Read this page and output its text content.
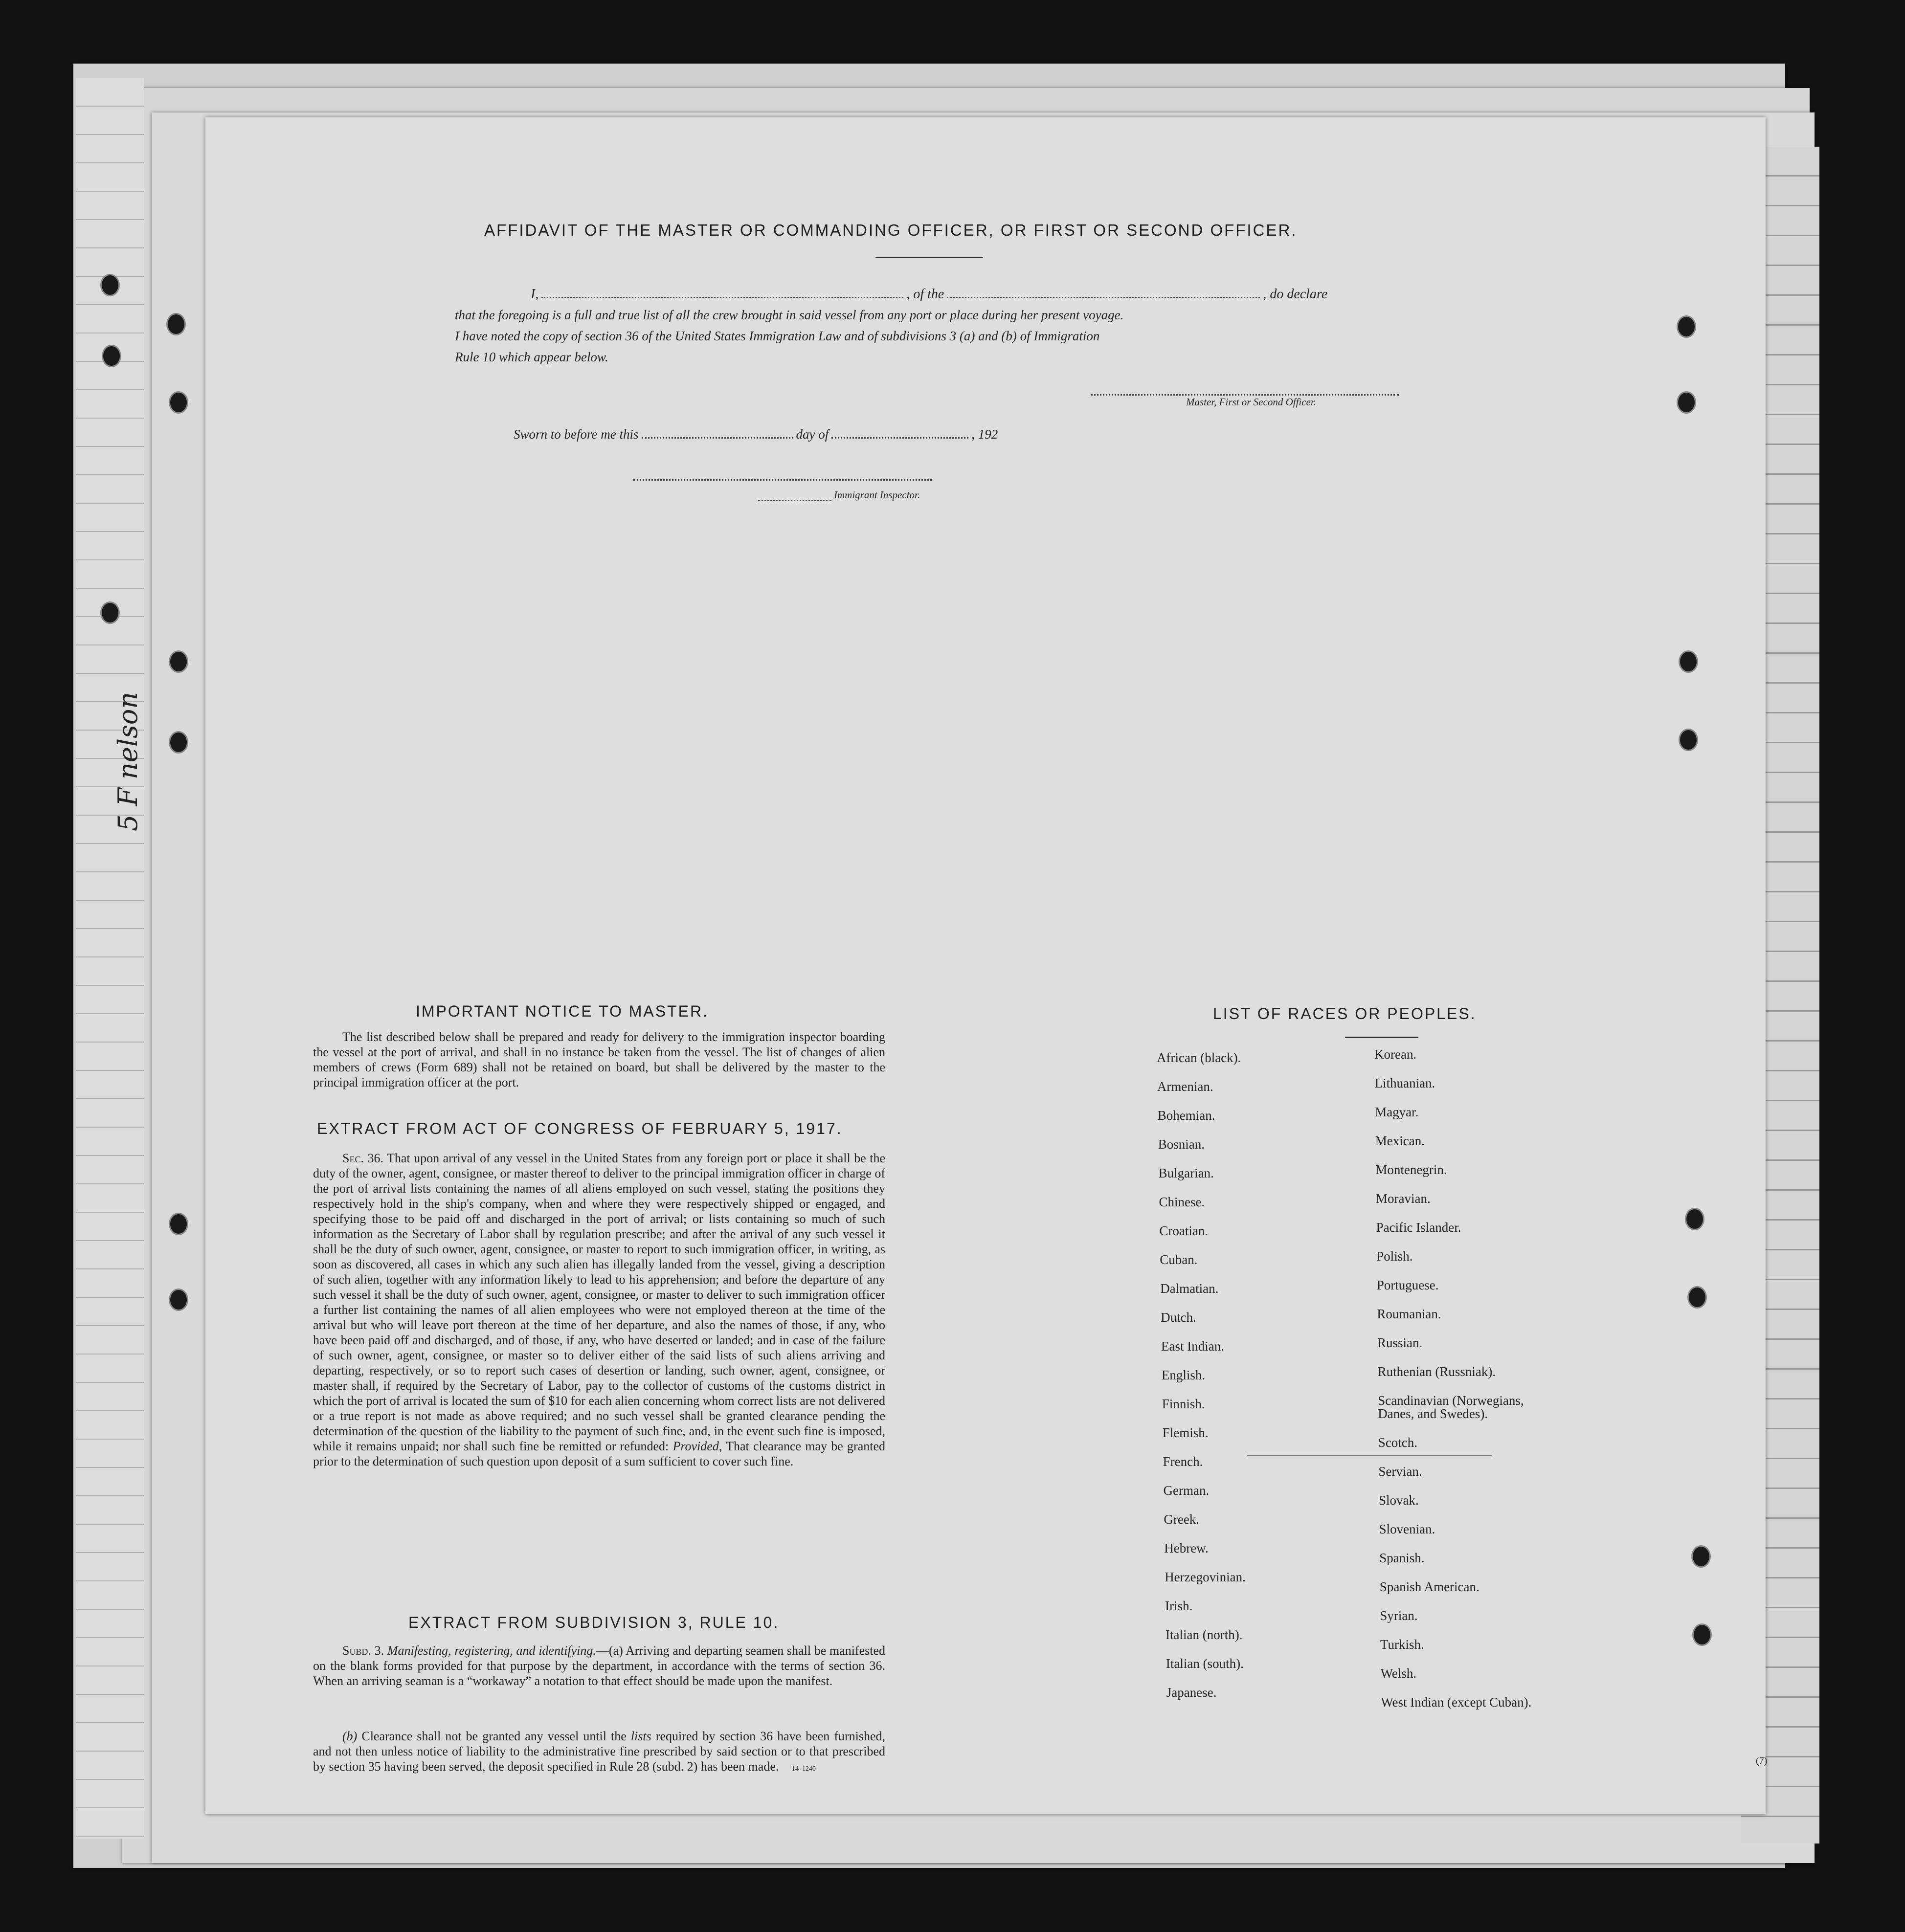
5 F nelson
(7)
AFFIDAVIT OF THE MASTER OR COMMANDING OFFICER, OR FIRST OR SECOND OFFICER.
I,	, of the	, do declare
that the foregoing is a full and true list of all the crew brought in said vessel from any port or place during her present voyage.
I have noted the copy of section 36 of the United States Immigration Law and of subdivisions 3 (a) and (b) of Immigration
Rule 10 which appear below.
Master, First or Second Officer.
Sworn to before me this	day of	, 192
Immigrant Inspector.
IMPORTANT NOTICE TO MASTER.
The list described below shall be prepared and ready for delivery to the immigration inspector boarding the vessel at the port of arrival, and shall in no instance be taken from the vessel. The list of changes of alien members of crews (Form 689) shall not be retained on board, but shall be delivered by the master to the principal immigration officer at the port.
EXTRACT FROM ACT OF CONGRESS OF FEBRUARY 5, 1917.
Sec. 36. That upon arrival of any vessel in the United States from any foreign port or place it shall be the duty of the owner, agent, consignee, or master thereof to deliver to the principal immigration officer in charge of the port of arrival lists containing the names of all aliens employed on such vessel, stating the positions they respectively hold in the ship's company, when and where they were respectively shipped or engaged, and specifying those to be paid off and discharged in the port of arrival; or lists containing so much of such information as the Secretary of Labor shall by regulation prescribe; and after the arrival of any such vessel it shall be the duty of such owner, agent, consignee, or master to report to such immigration officer, in writing, as soon as discovered, all cases in which any such alien has illegally landed from the vessel, giving a description of such alien, together with any information likely to lead to his apprehension; and before the departure of any such vessel it shall be the duty of such owner, agent, consignee, or master to deliver to such immigration officer a further list containing the names of all alien employees who were not employed thereon at the time of the arrival but who will leave port thereon at the time of her departure, and also the names of those, if any, who have been paid off and discharged, and of those, if any, who have deserted or landed; and in case of the failure of such owner, agent, consignee, or master so to deliver either of the said lists of such aliens arriving and departing, respectively, or so to report such cases of desertion or landing, such owner, agent, consignee, or master shall, if required by the Secretary of Labor, pay to the collector of customs of the customs district in which the port of arrival is located the sum of $10 for each alien concerning whom correct lists are not delivered or a true report is not made as above required; and no such vessel shall be granted clearance pending the determination of the question of the liability to the payment of such fine, and, in the event such fine is imposed, while it remains unpaid; nor shall such fine be remitted or refunded: Provided, That clearance may be granted prior to the determination of such question upon deposit of a sum sufficient to cover such fine.
EXTRACT FROM SUBDIVISION 3, RULE 10.
Subd. 3. Manifesting, registering, and identifying.—(a) Arriving and departing seamen shall be manifested on the blank forms provided for that purpose by the department, in accordance with the terms of section 36. When an arriving seaman is a “workaway” a notation to that effect should be made upon the manifest.
(b) Clearance shall not be granted any vessel until the lists required by section 36 have been furnished, and not then unless notice of liability to the administrative fine prescribed by said section or to that prescribed by section 35 having been served, the deposit specified in Rule 28 (subd. 2) has been made. 14–1240
LIST OF RACES OR PEOPLES.
African (black).
Armenian.
Bohemian.
Bosnian.
Bulgarian.
Chinese.
Croatian.
Cuban.
Dalmatian.
Dutch.
East Indian.
English.
Finnish.
Flemish.
French.
German.
Greek.
Hebrew.
Herzegovinian.
Irish.
Italian (north).
Italian (south).
Japanese.
Korean.
Lithuanian.
Magyar.
Mexican.
Montenegrin.
Moravian.
Pacific Islander.
Polish.
Portuguese.
Roumanian.
Russian.
Ruthenian (Russniak).
Scandinavian (Norwegians, Danes, and Swedes).
Scotch.
Servian.
Slovak.
Slovenian.
Spanish.
Spanish American.
Syrian.
Turkish.
Welsh.
West Indian (except Cuban).
